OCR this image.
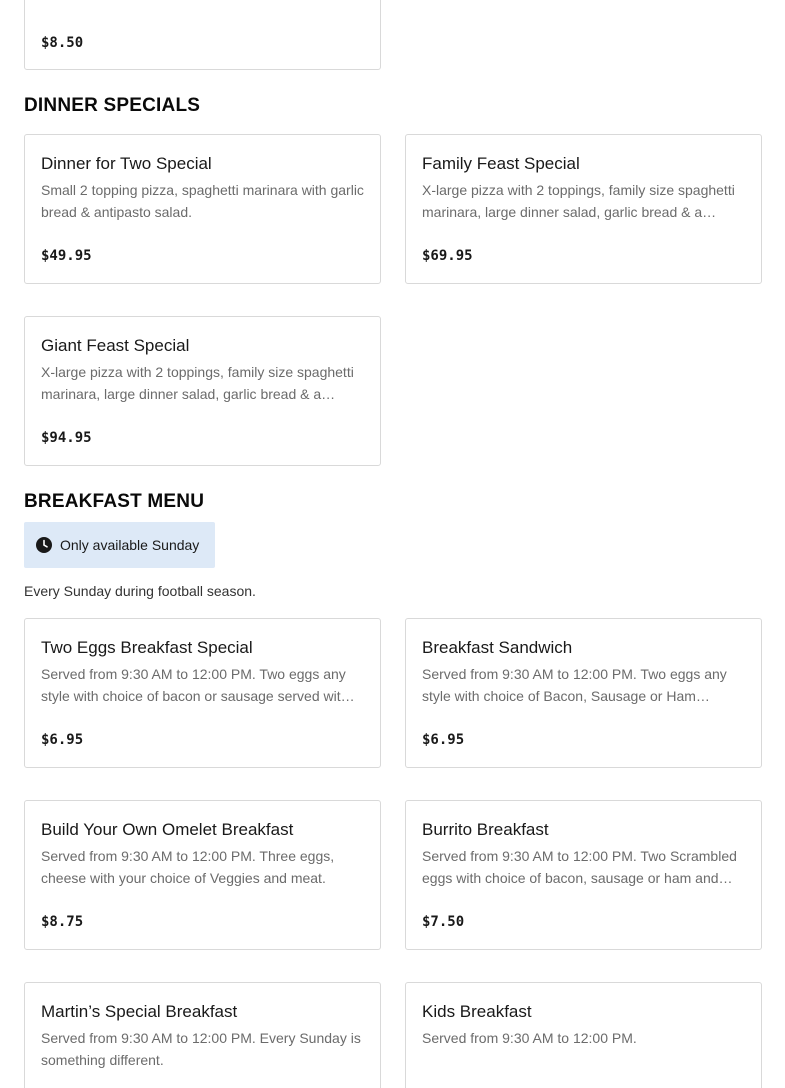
$8.50
DINNER SPECIALS
Dinner for Two Special
Small 2 topping pizza, spaghetti marinara with garlic bread & antipasto salad.
$49.95
Family Feast Special
X-large pizza with 2 toppings, family size spaghetti marinara, large dinner salad, garlic bread & a…
$69.95
Giant Feast Special
X-large pizza with 2 toppings, family size spaghetti marinara, large dinner salad, garlic bread & a…
$94.95
BREAKFAST MENU
Only available Sunday
Every Sunday during football season.
Two Eggs Breakfast Special
Served from 9:30 AM to 12:00 PM. Two eggs any style with choice of bacon or sausage served wit…
$6.95
Breakfast Sandwich
Served from 9:30 AM to 12:00 PM. Two eggs any style with choice of Bacon, Sausage or Ham…
$6.95
Build Your Own Omelet Breakfast
Served from 9:30 AM to 12:00 PM. Three eggs, cheese with your choice of Veggies and meat.
$8.75
Burrito Breakfast
Served from 9:30 AM to 12:00 PM. Two Scrambled eggs with choice of bacon, sausage or ham and…
$7.50
Martin’s Special Breakfast
Served from 9:30 AM to 12:00 PM. Every Sunday is something different.
Kids Breakfast
Served from 9:30 AM to 12:00 PM.
